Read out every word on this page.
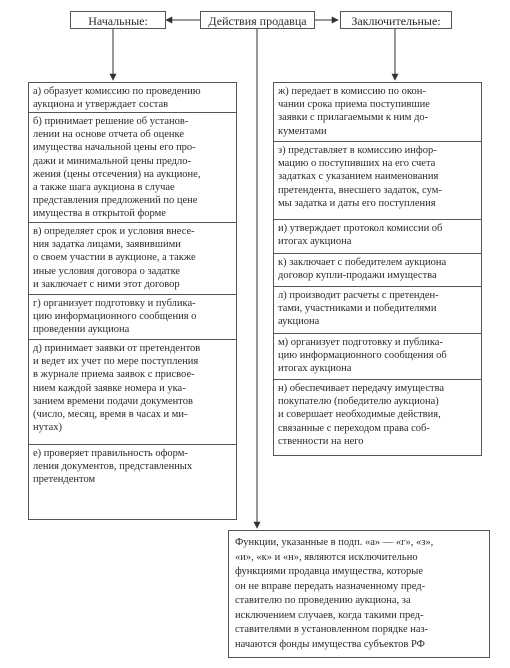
Действия продавца
Начальные:	Заключительные:

а) образует комиссию по проведению
аукциона и утверждает состав

б) принимает решение об установ-
лении на основе отчета об оценке
имущества начальной цены его про-
дажи и минимальной цены предло-
жения (цены отсечения) на аукционе,
а также шага аукциона в случае
представления предложений по цене
имущества в открытой форме

в) определяет срок и условия внесе-
ния задатка лицами, заявившими
о своем участии в аукционе, а также
иные условия договора о задатке
и заключает с ними этот договор

г) организует подготовку и публика-
цию информационного сообщения о
проведении аукциона

д) принимает заявки от претендентов
и ведет их учет по мере поступления
в журнале приема заявок с присвое-
нием каждой заявке номера и ука-
занием времени подачи документов
(число, месяц, время в часах и ми-
нутах)

е) проверяет правильность оформ-
ления документов, представленных
претендентом

ж) передает в комиссию по окон-
чании срока приема поступившие
заявки с прилагаемыми к ним до-
кументами

з) представляет в комиссию инфор-
мацию о поступивших на его счета
задатках с указанием наименования
претендента, внесшего задаток, сум-
мы задатка и даты его поступления

и) утверждает протокол комиссии об
итогах аукциона

к) заключает с победителем аукциона
договор купли-продажи имущества

л) производит расчеты с претенден-
тами, участниками и победителями
аукциона

м) организует подготовку и публика-
цию информационного сообщения об
итогах аукциона

н) обеспечивает передачу имущества
покупателю (победителю аукциона)
и совершает необходимые действия,
связанные с переходом права соб-
ственности на него

Функции, указанные в подп. «а» — «г», «з»,
«и», «к» и «н», являются исключительно
функциями продавца имущества, которые
он не вправе передать назначенному пред-
ставителю по проведению аукциона, за
исключением случаев, когда такими пред-
ставителями в установленном порядке наз-
начаются фонды имущества субъектов РФ
